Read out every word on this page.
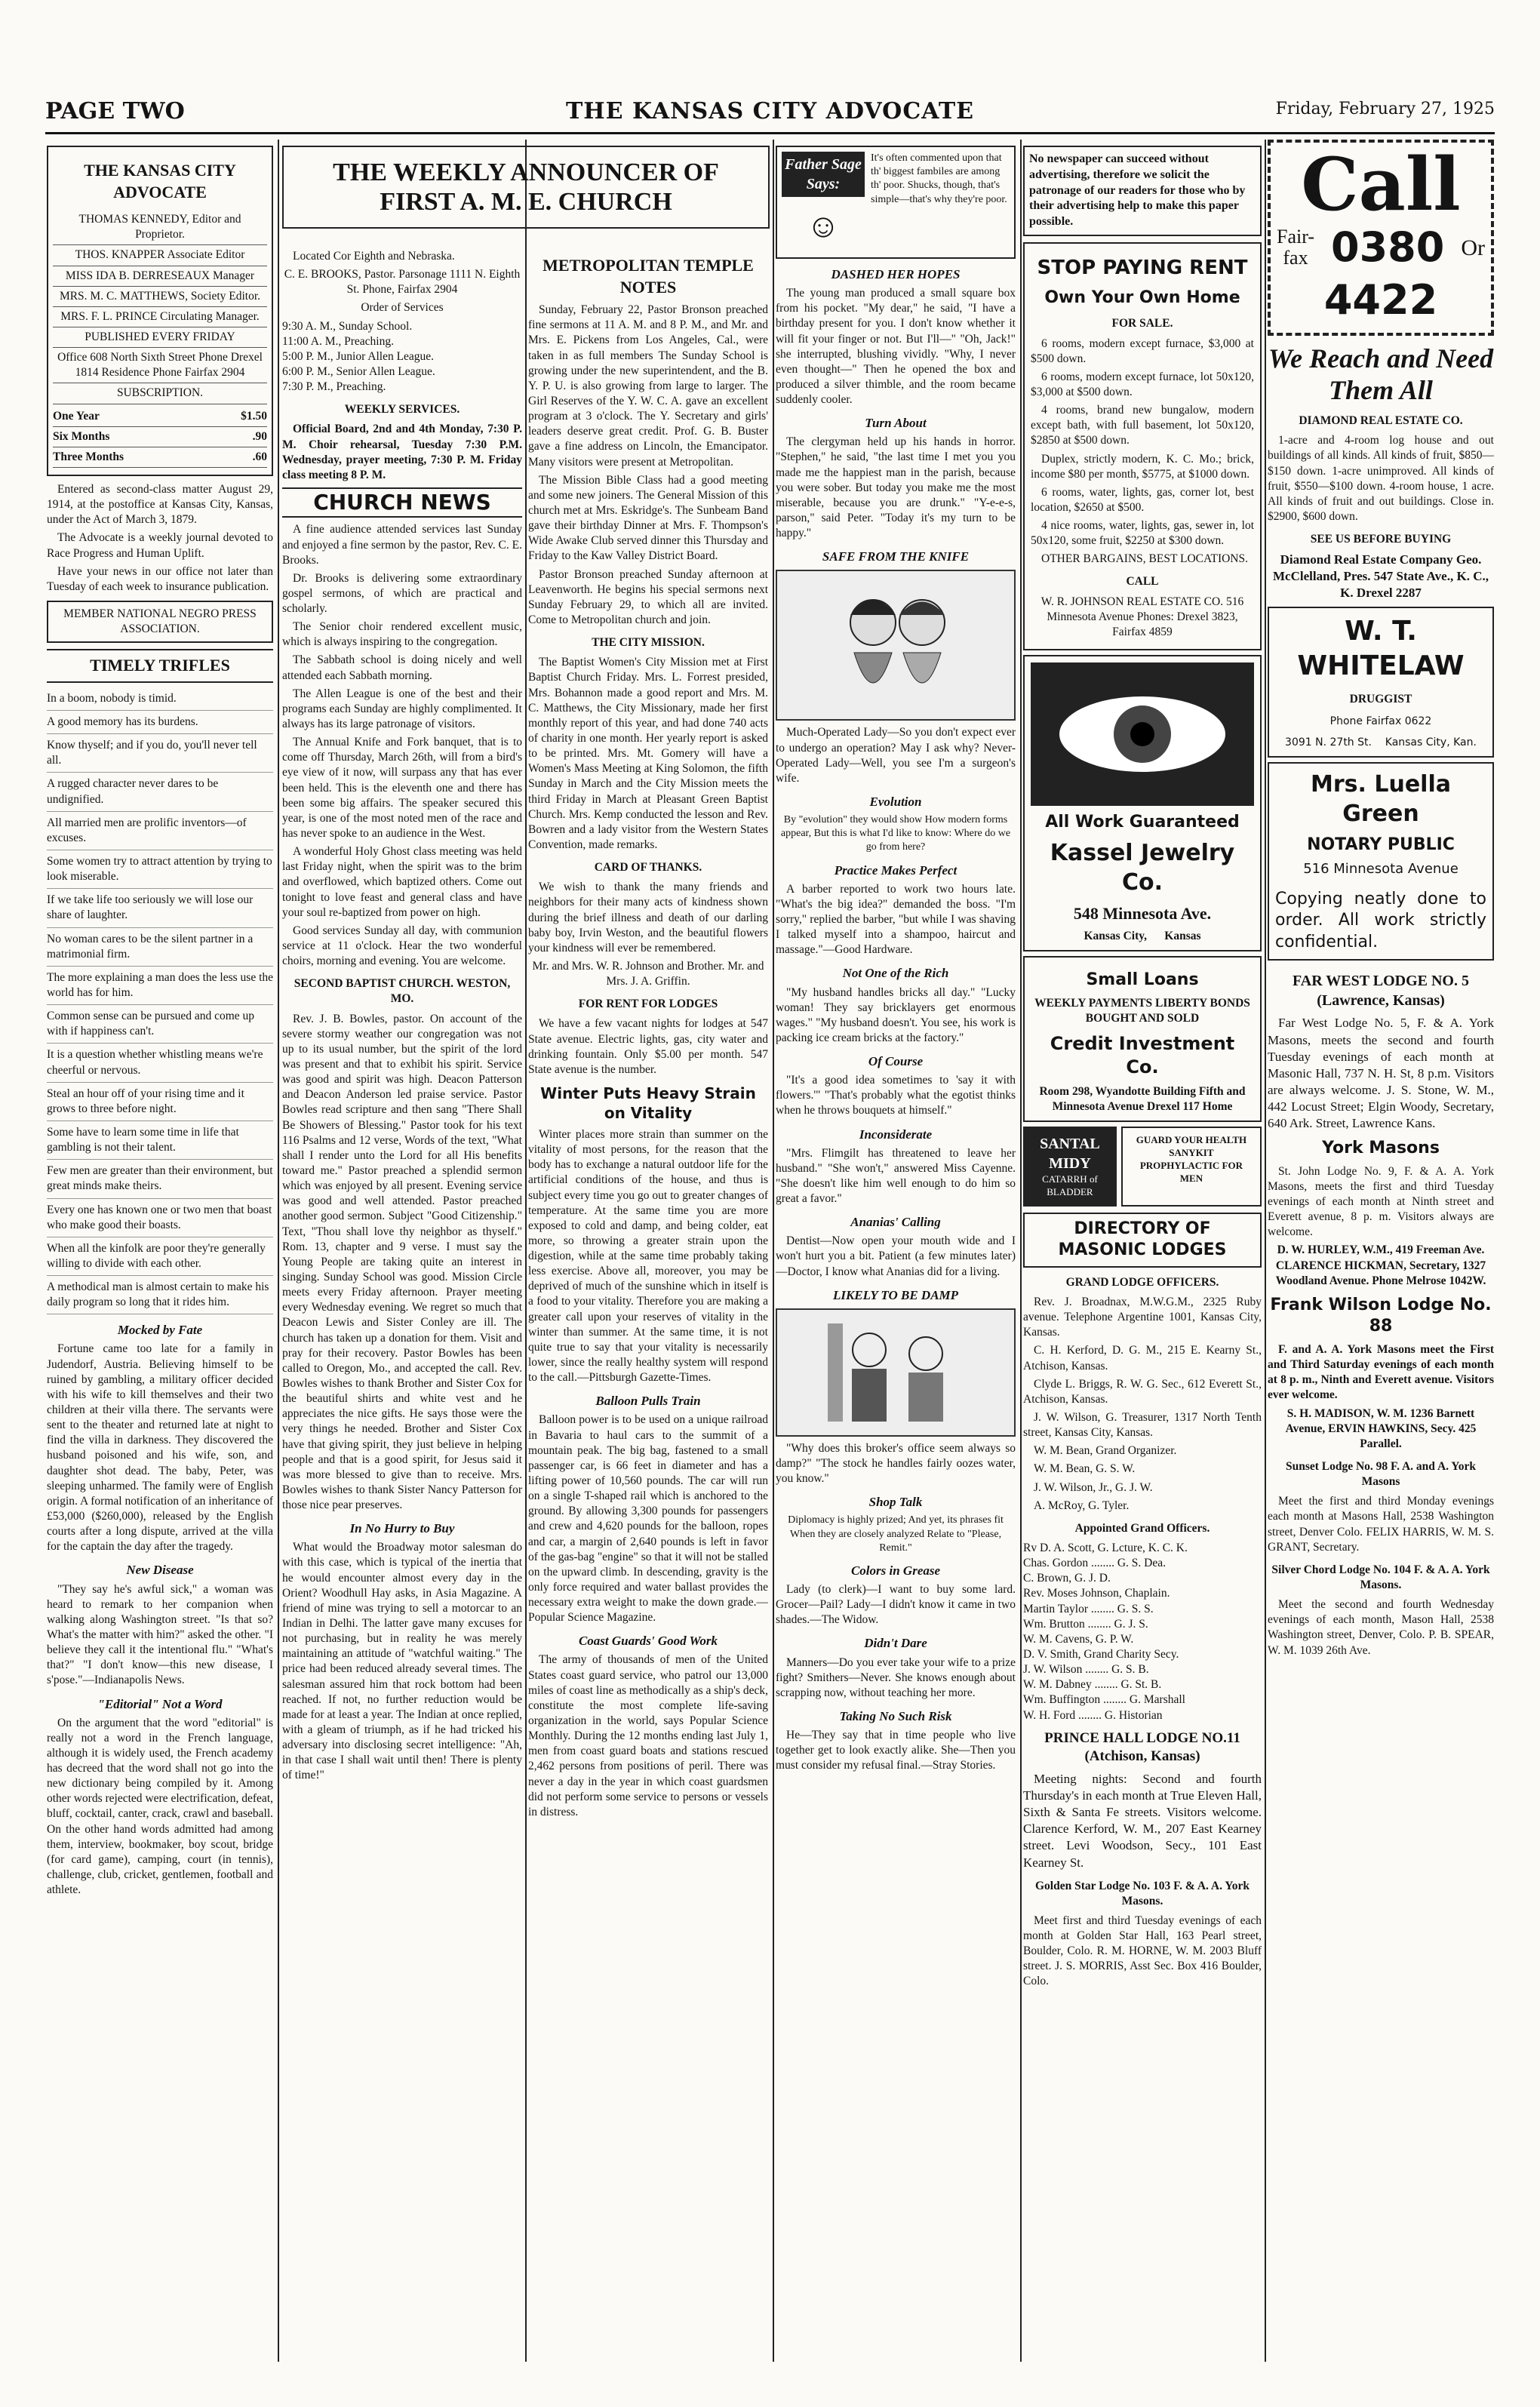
PAGE TWO	THE KANSAS CITY ADVOCATE	Friday, February 27, 1925
THE KANSAS CITY ADVOCATE
THOMAS KENNEDY, Editor and Proprietor.
THOS. KNAPPER Associate Editor
MISS IDA B. DERRESEAUX Manager
MRS. M. C. MATTHEWS, Society Editor.
MRS. F. L. PRINCE Circulating Manager.
PUBLISHED EVERY FRIDAY
Office 608 North Sixth Street Phone Drexel 1814 Residence Phone Fairfax 2904
SUBSCRIPTION.
One Year	$1.50
Six Months	.90
Three Months	.60

Entered as second-class matter August 29, 1914, at the postoffice at Kansas City, Kansas, under the Act of March 3, 1879.

The Advocate is a weekly journal devoted to Race Progress and Human Uplift.

Have your news in our office not later than Tuesday of each week to insurance publication.

MEMBER NATIONAL NEGRO PRESS ASSOCIATION.
TIMELY TRIFLES

In a boom, nobody is timid.

A good memory has its burdens.

Know thyself; and if you do, you'll never tell all.

A rugged character never dares to be undignified.

All married men are prolific inventors—of excuses.

Some women try to attract attention by trying to look miserable.

If we take life too seriously we will lose our share of laughter.

No woman cares to be the silent partner in a matrimonial firm.

The more explaining a man does the less use the world has for him.

Common sense can be pursued and come up with if happiness can't.

It is a question whether whistling means we're cheerful or nervous.

Steal an hour off of your rising time and it grows to three before night.

Some have to learn some time in life that gambling is not their talent.

Few men are greater than their environment, but great minds make theirs.

Every one has known one or two men that boast who make good their boasts.

When all the kinfolk are poor they're generally willing to divide with each other.

A methodical man is almost certain to make his daily program so long that it rides him.

Mocked by Fate

Fortune came too late for a family in Judendorf, Austria. Believing himself to be ruined by gambling, a military officer decided with his wife to kill themselves and their two children at their villa there. The servants were sent to the theater and returned late at night to find the villa in darkness. They discovered the husband poisoned and his wife, son, and daughter shot dead. The baby, Peter, was sleeping unharmed. The family were of English origin. A formal notification of an inheritance of £53,000 ($260,000), released by the English courts after a long dispute, arrived at the villa for the captain the day after the tragedy.

New Disease

"They say he's awful sick," a woman was heard to remark to her companion when walking along Washington street. "Is that so? What's the matter with him?" asked the other. "I believe they call it the intentional flu." "What's that?" "I don't know—this new disease, I s'pose."—Indianapolis News.

"Editorial" Not a Word

On the argument that the word "editorial" is really not a word in the French language, although it is widely used, the French academy has decreed that the word shall not go into the new dictionary being compiled by it. Among other words rejected were electrification, defeat, bluff, cocktail, canter, crack, crawl and baseball. On the other hand words admitted had among them, interview, bookmaker, boy scout, bridge (for card game), camping, court (in tennis), challenge, club, cricket, gentlemen, football and athlete.

THE WEEKLY ANNOUNCER OF FIRST A. M. E. CHURCH

Located Cor Eighth and Nebraska.

C. E. BROOKS, Pastor. Parsonage 1111 N. Eighth St. Phone, Fairfax 2904

Order of Services

9:30 A. M., Sunday School.
11:00 A. M., Preaching.
5:00 P. M., Junior Allen League.
6:00 P. M., Senior Allen League.
7:30 P. M., Preaching.
WEEKLY SERVICES.

Official Board, 2nd and 4th Monday, 7:30 P. M. Choir rehearsal, Tuesday 7:30 P.M. Wednesday, prayer meeting, 7:30 P. M. Friday class meeting 8 P. M.

CHURCH NEWS

A fine audience attended services last Sunday and enjoyed a fine sermon by the pastor, Rev. C. E. Brooks.

Dr. Brooks is delivering some extraordinary gospel sermons, of which are practical and scholarly.

The Senior choir rendered excellent music, which is always inspiring to the congregation.

The Sabbath school is doing nicely and well attended each Sabbath morning.

The Allen League is one of the best and their programs each Sunday are highly complimented. It always has its large patronage of visitors.

The Annual Knife and Fork banquet, that is to come off Thursday, March 26th, will from a bird's eye view of it now, will surpass any that has ever been held. This is the eleventh one and there has been some big affairs. The speaker secured this year, is one of the most noted men of the race and has never spoke to an audience in the West.

A wonderful Holy Ghost class meeting was held last Friday night, when the spirit was to the brim and overflowed, which baptized others. Come out tonight to love feast and general class and have your soul re-baptized from power on high.

Good services Sunday all day, with communion service at 11 o'clock. Hear the two wonderful choirs, morning and evening. You are welcome.

SECOND BAPTIST CHURCH. WESTON, MO.

Rev. J. B. Bowles, pastor. On account of the severe stormy weather our congregation was not up to its usual number, but the spirit of the lord was present and that to exhibit his spirit. Service was good and spirit was high. Deacon Patterson and Deacon Anderson led praise service. Pastor Bowles read scripture and then sang "There Shall Be Showers of Blessing." Pastor took for his text 116 Psalms and 12 verse, Words of the text, "What shall I render unto the Lord for all His benefits toward me." Pastor preached a splendid sermon which was enjoyed by all present. Evening service was good and well attended. Pastor preached another good sermon. Subject "Good Citizenship." Text, "Thou shall love thy neighbor as thyself." Rom. 13, chapter and 9 verse. I must say the Young People are taking quite an interest in singing. Sunday School was good. Mission Circle meets every Friday afternoon. Prayer meeting every Wednesday evening. We regret so much that Deacon Lewis and Sister Conley are ill. The church has taken up a donation for them. Visit and pray for their recovery. Pastor Bowles has been called to Oregon, Mo., and accepted the call. Rev. Bowles wishes to thank Brother and Sister Cox for the beautiful shirts and white vest and he appreciates the nice gifts. He says those were the very things he needed. Brother and Sister Cox have that giving spirit, they just believe in helping people and that is a good spirit, for Jesus said it was more blessed to give than to receive. Mrs. Bowles wishes to thank Sister Nancy Patterson for those nice pear preserves.

In No Hurry to Buy

What would the Broadway motor salesman do with this case, which is typical of the inertia that he would encounter almost every day in the Orient? Woodhull Hay asks, in Asia Magazine. A friend of mine was trying to sell a motorcar to an Indian in Delhi. The latter gave many excuses for not purchasing, but in reality he was merely maintaining an attitude of "watchful waiting." The price had been reduced already several times. The salesman assured him that rock bottom had been reached. If not, no further reduction would be made for at least a year. The Indian at once replied, with a gleam of triumph, as if he had tricked his adversary into disclosing secret intelligence: "Ah, in that case I shall wait until then! There is plenty of time!"

METROPOLITAN TEMPLE NOTES

Sunday, February 22, Pastor Bronson preached fine sermons at 11 A. M. and 8 P. M., and Mr. and Mrs. E. Pickens from Los Angeles, Cal., were taken in as full members The Sunday School is growing under the new superintendent, and the B. Y. P. U. is also growing from large to larger. The Girl Reserves of the Y. W. C. A. gave an excellent program at 3 o'clock. The Y. Secretary and girls' leaders deserve great credit. Prof. G. B. Buster gave a fine address on Lincoln, the Emancipator. Many visitors were present at Metropolitan.

The Mission Bible Class had a good meeting and some new joiners. The General Mission of this church met at Mrs. Eskridge's. The Sunbeam Band gave their birthday Dinner at Mrs. F. Thompson's Wide Awake Club served dinner this Thursday and Friday to the Kaw Valley District Board.

Pastor Bronson preached Sunday afternoon at Leavenworth. He begins his special sermons next Sunday February 29, to which all are invited. Come to Metropolitan church and join.

THE CITY MISSION.

The Baptist Women's City Mission met at First Baptist Church Friday. Mrs. L. Forrest presided, Mrs. Bohannon made a good report and Mrs. M. C. Matthews, the City Missionary, made her first monthly report of this year, and had done 740 acts of charity in one month. Her yearly report is asked to be printed. Mrs. Mt. Gomery will have a Women's Mass Meeting at King Solomon, the fifth Sunday in March and the City Mission meets the third Friday in March at Pleasant Green Baptist Church. Mrs. Kemp conducted the lesson and Rev. Bowren and a lady visitor from the Western States Convention, made remarks.

CARD OF THANKS.

We wish to thank the many friends and neighbors for their many acts of kindness shown during the brief illness and death of our darling baby boy, Irvin Weston, and the beautiful flowers your kindness will ever be remembered.

Mr. and Mrs. W. R. Johnson and Brother. Mr. and Mrs. J. A. Griffin.

FOR RENT FOR LODGES

We have a few vacant nights for lodges at 547 State avenue. Electric lights, gas, city water and drinking fountain. Only $5.00 per month. 547 State avenue is the number.

Winter Puts Heavy Strain on Vitality

Winter places more strain than summer on the vitality of most persons, for the reason that the body has to exchange a natural outdoor life for the artificial conditions of the house, and thus is subject every time you go out to greater changes of temperature. At the same time you are more exposed to cold and damp, and being colder, eat more, so throwing a greater strain upon the digestion, while at the same time probably taking less exercise. Above all, moreover, you may be deprived of much of the sunshine which in itself is a food to your vitality. Therefore you are making a greater call upon your reserves of vitality in the winter than summer. At the same time, it is not quite true to say that your vitality is necessarily lower, since the really healthy system will respond to the call.—Pittsburgh Gazette-Times.

Balloon Pulls Train

Balloon power is to be used on a unique railroad in Bavaria to haul cars to the summit of a mountain peak. The big bag, fastened to a small passenger car, is 66 feet in diameter and has a lifting power of 10,560 pounds. The car will run on a single T-shaped rail which is anchored to the ground. By allowing 3,300 pounds for passengers and crew and 4,620 pounds for the balloon, ropes and car, a margin of 2,640 pounds is left in favor of the gas-bag "engine" so that it will not be stalled on the upward climb. In descending, gravity is the only force required and water ballast provides the necessary extra weight to make the down grade.—Popular Science Magazine.

Coast Guards' Good Work

The army of thousands of men of the United States coast guard service, who patrol our 13,000 miles of coast line as methodically as a ship's deck, constitute the most complete life-saving organization in the world, says Popular Science Monthly. During the 12 months ending last July 1, men from coast guard boats and stations rescued 2,462 persons from positions of peril. There was never a day in the year in which coast guardsmen did not perform some service to persons or vessels in distress.

Father Sage Says:
☺
It's often commented upon that th' biggest fambiles are among th' poor. Shucks, though, that's simple—that's why they're poor.
DASHED HER HOPES

The young man produced a small square box from his pocket. "My dear," he said, "I have a birthday present for you. I don't know whether it will fit your finger or not. But I'll—" "Oh, Jack!" she interrupted, blushing vividly. "Why, I never even thought—" Then he opened the box and produced a silver thimble, and the room became suddenly cooler.

Turn About

The clergyman held up his hands in horror. "Stephen," he said, "the last time I met you you made me the happiest man in the parish, because you were sober. But today you make me the most miserable, because you are drunk." "Y-e-e-s, parson," said Peter. "Today it's my turn to be happy."

SAFE FROM THE KNIFE

Much-Operated Lady—So you don't expect ever to undergo an operation? May I ask why? Never-Operated Lady—Well, you see I'm a surgeon's wife.

Evolution

By "evolution" they would show How modern forms appear, But this is what I'd like to know: Where do we go from here?

Practice Makes Perfect

A barber reported to work two hours late. "What's the big idea?" demanded the boss. "I'm sorry," replied the barber, "but while I was shaving I talked myself into a shampoo, haircut and massage."—Good Hardware.

Not One of the Rich

"My husband handles bricks all day." "Lucky woman! They say bricklayers get enormous wages." "My husband doesn't. You see, his work is packing ice cream bricks at the factory."

Of Course

"It's a good idea sometimes to 'say it with flowers.'" "That's probably what the egotist thinks when he throws bouquets at himself."

Inconsiderate

"Mrs. Flimgilt has threatened to leave her husband." "She won't," answered Miss Cayenne. "She doesn't like him well enough to do him so great a favor."

Ananias' Calling

Dentist—Now open your mouth wide and I won't hurt you a bit. Patient (a few minutes later)—Doctor, I know what Ananias did for a living.

LIKELY TO BE DAMP

"Why does this broker's office seem always so damp?" "The stock he handles fairly oozes water, you know."

Shop Talk

Diplomacy is highly prized; And yet, its phrases fit When they are closely analyzed Relate to "Please, Remit."

Colors in Grease

Lady (to clerk)—I want to buy some lard. Grocer—Pail? Lady—I didn't know it came in two shades.—The Widow.

Didn't Dare

Manners—Do you ever take your wife to a prize fight? Smithers—Never. She knows enough about scrapping now, without teaching her more.

Taking No Such Risk

He—They say that in time people who live together get to look exactly alike. She—Then you must consider my refusal final.—Stray Stories.

No newspaper can succeed without advertising, therefore we solicit the patronage of our readers for those who by their advertising help to make this paper possible.
STOP PAYING RENT
Own Your Own Home
FOR SALE.

6 rooms, modern except furnace, $3,000 at $500 down.

6 rooms, modern except furnace, lot 50x120, $3,000 at $500 down.

4 rooms, brand new bungalow, modern except bath, with full basement, lot 50x120, $2850 at $500 down.

Duplex, strictly modern, K. C. Mo.; brick, income $80 per month, $5775, at $1000 down.

6 rooms, water, lights, gas, corner lot, best location, $2650 at $500.

4 nice rooms, water, lights, gas, sewer in, lot 50x120, some fruit, $2250 at $300 down.

OTHER BARGAINS, BEST LOCATIONS.

CALL

W. R. JOHNSON REAL ESTATE CO. 516 Minnesota Avenue Phones: Drexel 3823, Fairfax 4859

All Work Guaranteed
Kassel Jewelry Co.
548 Minnesota Ave.
Kansas City,      Kansas
Small Loans
WEEKLY PAYMENTS LIBERTY BONDS BOUGHT AND SOLD
Credit Investment Co.
Room 298, Wyandotte Building Fifth and Minnesota Avenue Drexel 117 Home
SANTAL MIDY
CATARRH of BLADDER
GUARD YOUR HEALTH SANYKIT PROPHYLACTIC FOR MEN
DIRECTORY OF MASONIC LODGES
GRAND LODGE OFFICERS.

Rev. J. Broadnax, M.W.G.M., 2325 Ruby avenue. Telephone Argentine 1001, Kansas City, Kansas.

C. H. Kerford, D. G. M., 215 E. Kearny St., Atchison, Kansas.

Clyde L. Briggs, R. W. G. Sec., 612 Everett St., Atchison, Kansas.

J. W. Wilson, G. Treasurer, 1317 North Tenth street, Kansas City, Kansas.

W. M. Bean, Grand Organizer.

W. M. Bean, G. S. W.

J. W. Wilson, Jr., G. J. W.

A. McRoy, G. Tyler.

Appointed Grand Officers.
Rv D. A. Scott, G. Lcture, K. C. K.
Chas. Gordon ........ G. S. Dea.
C. Brown, G. J. D.
Rev. Moses Johnson, Chaplain.
Martin Taylor ........ G. S. S.
Wm. Brutton ........ G. J. S.
W. M. Cavens, G. P. W.
D. V. Smith, Grand Charity Secy.
J. W. Wilson ........ G. S. B.
W. M. Dabney ........ G. St. B.
Wm. Buffington ........ G. Marshall
W. H. Ford ........ G. Historian
PRINCE HALL LODGE NO.11 (Atchison, Kansas)

Meeting nights: Second and fourth Thursday's in each month at True Eleven Hall, Sixth & Santa Fe streets. Visitors welcome. Clarence Kerford, W. M., 207 East Kearney street. Levi Woodson, Secy., 101 East Kearney St.

Golden Star Lodge No. 103 F. & A. A. York Masons.

Meet first and third Tuesday evenings of each month at Golden Star Hall, 163 Pearl street, Boulder, Colo. R. M. HORNE, W. M. 2003 Bluff street. J. S. MORRIS, Asst Sec. Box 416 Boulder, Colo.

Call
Fair-fax 0380 Or
4422
We Reach and Need Them All
DIAMOND REAL ESTATE CO.

1-acre and 4-room log house and out buildings of all kinds. All kinds of fruit, $850—$150 down. 1-acre unimproved. All kinds of fruit, $550—$100 down. 4-room house, 1 acre. All kinds of fruit and out buildings. Close in. $2900, $600 down.

SEE US BEFORE BUYING

Diamond Real Estate Company Geo. McClelland, Pres. 547 State Ave., K. C., K. Drexel 2287

W. T. WHITELAW
DRUGGIST
Phone Fairfax 0622
3091 N. 27th St.    Kansas City, Kan.
Mrs. Luella Green
NOTARY PUBLIC
516 Minnesota Avenue
Copying neatly done to order. All work strictly confidential.
FAR WEST LODGE NO. 5 (Lawrence, Kansas)

Far West Lodge No. 5, F. & A. York Masons, meets the second and fourth Tuesday evenings of each month at Masonic Hall, 737 N. H. St, 8 p.m. Visitors are always welcome. J. S. Stone, W. M., 442 Locust Street; Elgin Woody, Secretary, 640 Ark. Street, Lawrence Kans.

York Masons

St. John Lodge No. 9, F. & A. A. York Masons, meets the first and third Tuesday evenings of each month at Ninth street and Everett avenue, 8 p. m. Visitors always are welcome.

D. W. HURLEY, W.M., 419 Freeman Ave. CLARENCE HICKMAN, Secretary, 1327 Woodland Avenue. Phone Melrose 1042W.

Frank Wilson Lodge No. 88

F. and A. A. York Masons meet the First and Third Saturday evenings of each month at 8 p. m., Ninth and Everett avenue. Visitors ever welcome.

S. H. MADISON, W. M. 1236 Barnett Avenue, ERVIN HAWKINS, Secy. 425 Parallel.

Sunset Lodge No. 98 F. A. and A. York Masons

Meet the first and third Monday evenings each month at Masons Hall, 2538 Washington street, Denver Colo. FELIX HARRIS, W. M. S. GRANT, Secretary.

Silver Chord Lodge No. 104 F. & A. A. York Masons.

Meet the second and fourth Wednesday evenings of each month, Mason Hall, 2538 Washington street, Denver, Colo. P. B. SPEAR, W. M. 1039 26th Ave.
